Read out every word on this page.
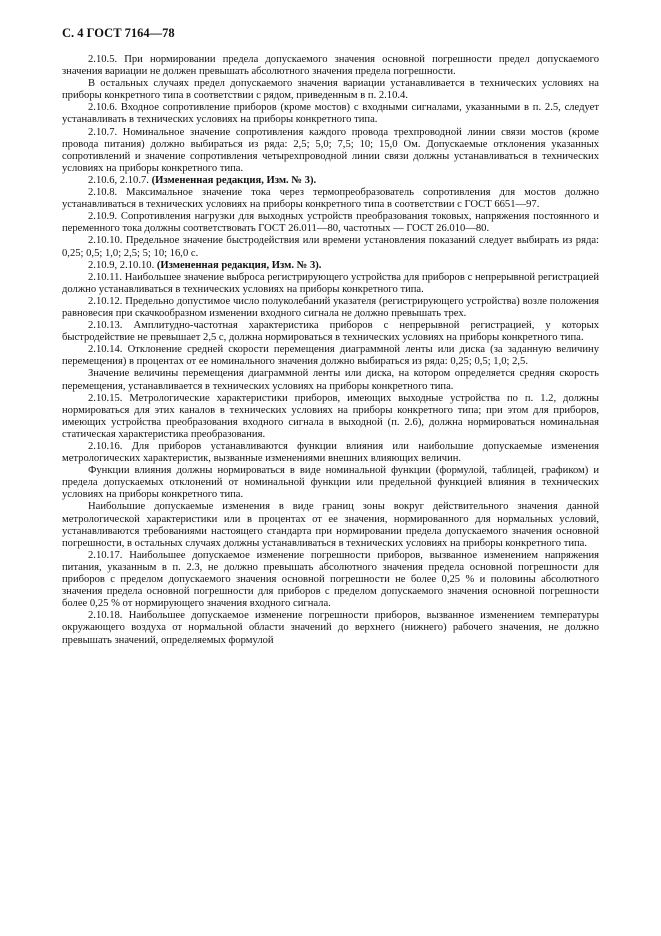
С. 4 ГОСТ 7164—78

2.10.5. При нормировании предела допускаемого значения основной погрешности предел допускаемого значения вариации не должен превышать абсолютного значения предела погрешности.

В остальных случаях предел допускаемого значения вариации устанавливается в технических условиях на приборы конкретного типа в соответствии с рядом, приведенным в п. 2.10.4.

2.10.6. Входное сопротивление приборов (кроме мостов) с входными сигналами, указанными в п. 2.5, следует устанавливать в технических условиях на приборы конкретного типа.

2.10.7. Номинальное значение сопротивления каждого провода трехпроводной линии связи мостов (кроме провода питания) должно выбираться из ряда: 2,5; 5,0; 7,5; 10; 15,0 Ом. Допускаемые отклонения указанных сопротивлений и значение сопротивления четырехпроводной линии связи должны устанавливаться в технических условиях на приборы конкретного типа.

2.10.6, 2.10.7. (Измененная редакция, Изм. № 3).

2.10.8. Максимальное значение тока через термопреобразователь сопротивления для мостов должно устанавливаться в технических условиях на приборы конкретного типа в соответствии с ГОСТ 6651—97.

2.10.9. Сопротивления нагрузки для выходных устройств преобразования токовых, напряжения постоянного и переменного тока должны соответствовать ГОСТ 26.011—80, частотных — ГОСТ 26.010—80.

2.10.10. Предельное значение быстродействия или времени установления показаний следует выбирать из ряда: 0,25; 0,5; 1,0; 2,5; 5; 10; 16,0 с.

2.10.9, 2.10.10. (Измененная редакция, Изм. № 3).

2.10.11. Наибольшее значение выброса регистрирующего устройства для приборов с непрерывной регистрацией должно устанавливаться в технических условиях на приборы конкретного типа.

2.10.12. Предельно допустимое число полуколебаний указателя (регистрирующего устройства) возле положения равновесия при скачкообразном изменении входного сигнала не должно превышать трех.

2.10.13. Амплитудно-частотная характеристика приборов с непрерывной регистрацией, у которых быстродействие не превышает 2,5 с, должна нормироваться в технических условиях на приборы конкретного типа.

2.10.14. Отклонение средней скорости перемещения диаграммной ленты или диска (за заданную величину перемещения) в процентах от ее номинального значения должно выбираться из ряда: 0,25; 0,5; 1,0; 2,5.

Значение величины перемещения диаграммной ленты или диска, на котором определяется средняя скорость перемещения, устанавливается в технических условиях на приборы конкретного типа.

2.10.15. Метрологические характеристики приборов, имеющих выходные устройства по п. 1.2, должны нормироваться для этих каналов в технических условиях на приборы конкретного типа; при этом для приборов, имеющих устройства преобразования входного сигнала в выходной (п. 2.6), должна нормироваться номинальная статическая характеристика преобразования.

2.10.16. Для приборов устанавливаются функции влияния или наибольшие допускаемые изменения метрологических характеристик, вызванные изменениями внешних влияющих величин.

Функции влияния должны нормироваться в виде номинальной функции (формулой, таблицей, графиком) и предела допускаемых отклонений от номинальной функции или предельной функцией влияния в технических условиях на приборы конкретного типа.

Наибольшие допускаемые изменения в виде границ зоны вокруг действительного значения данной метрологической характеристики или в процентах от ее значения, нормированного для нормальных условий, устанавливаются требованиями настоящего стандарта при нормировании предела допускаемого значения основной погрешности, в остальных случаях должны устанавливаться в технических условиях на приборы конкретного типа.

2.10.17. Наибольшее допускаемое изменение погрешности приборов, вызванное изменением напряжения питания, указанным в п. 2.3, не должно превышать абсолютного значения предела основной погрешности для приборов с пределом допускаемого значения основной погрешности не более 0,25 % и половины абсолютного значения предела основной погрешности для приборов с пределом допускаемого значения основной погрешности более 0,25 % от нормирующего значения входного сигнала.

2.10.18. Наибольшее допускаемое изменение погрешности приборов, вызванное изменением температуры окружающего воздуха от нормальной области значений до верхнего (нижнего) рабочего значения, не должно превышать значений, определяемых формулой
